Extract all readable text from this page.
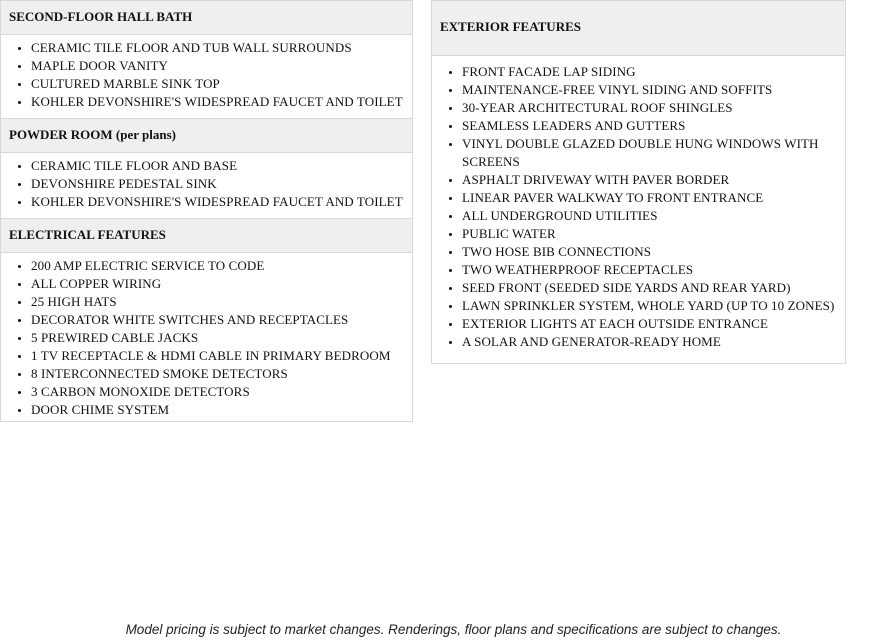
SECOND-FLOOR HALL BATH
• CERAMIC TILE FLOOR AND TUB WALL SURROUNDS
• MAPLE DOOR VANITY
• CULTURED MARBLE SINK TOP
• KOHLER DEVONSHIRE'S WIDESPREAD FAUCET AND TOILET
POWDER ROOM (per plans)
• CERAMIC TILE FLOOR AND BASE
• DEVONSHIRE PEDESTAL SINK
• KOHLER DEVONSHIRE'S WIDESPREAD FAUCET AND TOILET
ELECTRICAL FEATURES
• 200 AMP ELECTRIC SERVICE TO CODE
• ALL COPPER WIRING
• 25 HIGH HATS
• DECORATOR WHITE SWITCHES AND RECEPTACLES
• 5 PREWIRED CABLE JACKS
• 1 TV RECEPTACLE & HDMI CABLE IN PRIMARY BEDROOM
• 8 INTERCONNECTED SMOKE DETECTORS
• 3 CARBON MONOXIDE DETECTORS
• DOOR CHIME SYSTEM
EXTERIOR FEATURES
• FRONT FACADE LAP SIDING
• MAINTENANCE-FREE VINYL SIDING AND SOFFITS
• 30-YEAR ARCHITECTURAL ROOF SHINGLES
• SEAMLESS LEADERS AND GUTTERS
• VINYL DOUBLE GLAZED DOUBLE HUNG WINDOWS WITH SCREENS
• ASPHALT DRIVEWAY WITH PAVER BORDER
• LINEAR PAVER WALKWAY TO FRONT ENTRANCE
• ALL UNDERGROUND UTILITIES
• PUBLIC WATER
• TWO HOSE BIB CONNECTIONS
• TWO WEATHERPROOF RECEPTACLES
• SEED FRONT (SEEDED SIDE YARDS AND REAR YARD)
• LAWN SPRINKLER SYSTEM, WHOLE YARD (UP TO 10 ZONES)
• EXTERIOR LIGHTS AT EACH OUTSIDE ENTRANCE
• A SOLAR AND GENERATOR-READY HOME
Model pricing is subject to market changes. Renderings, floor plans and specifications are subject to changes.
